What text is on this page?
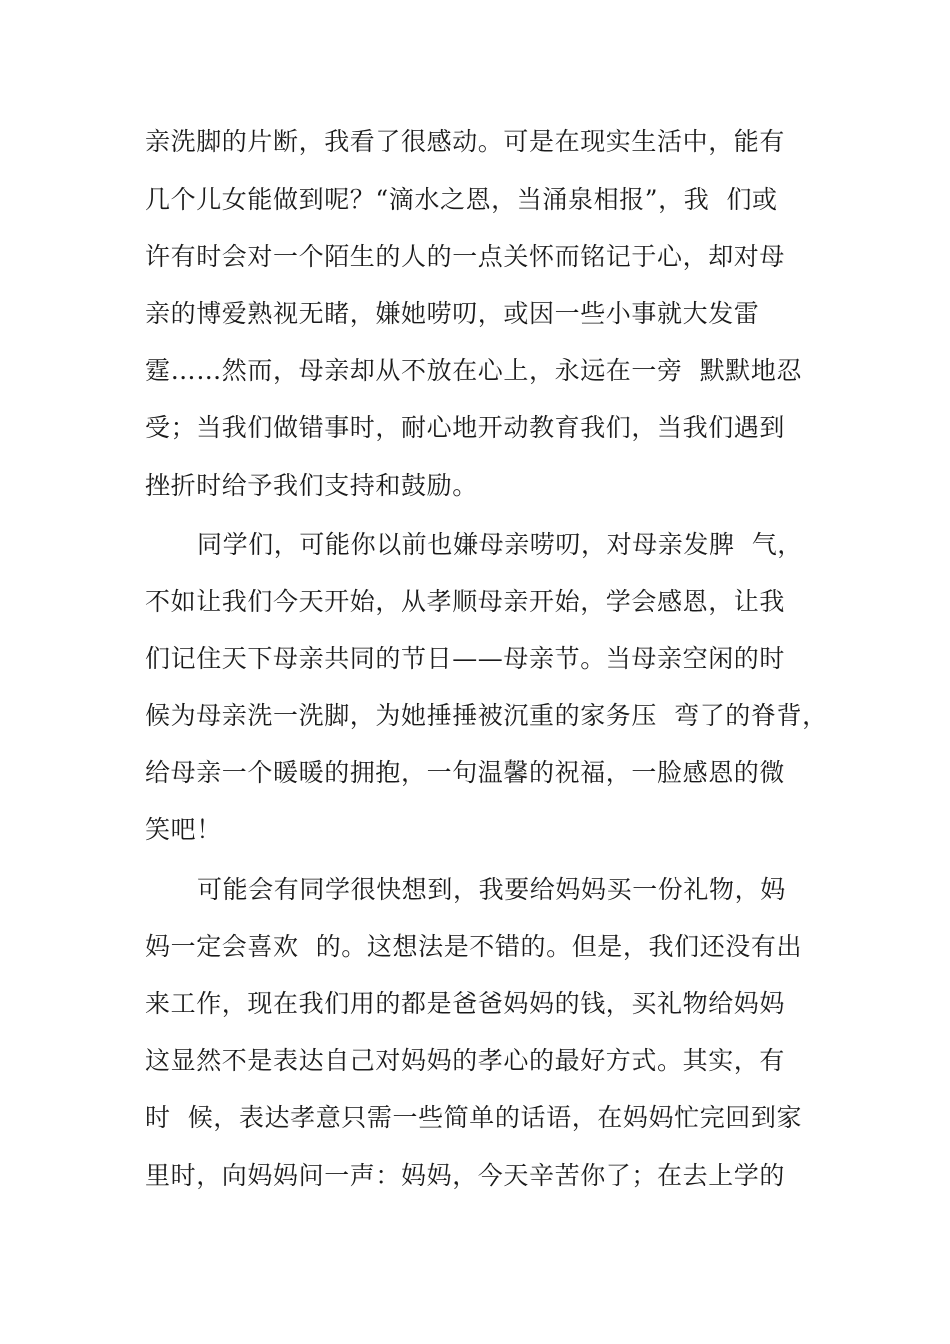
亲洗脚的片断，我看了很感动。可是在现实生活中，能有
几个儿女能做到呢？“滴水之恩，当涌泉相报”，我  们或
许有时会对一个陌生的人的一点关怀而铭记于心，却对母
亲的博爱熟视无睹，嫌她唠叨，或因一些小事就大发雷
霆……然而，母亲却从不放在心上，永远在一旁  默默地忍
受；当我们做错事时，耐心地开动教育我们，当我们遇到
挫折时给予我们支持和鼓励。
同学们，可能你以前也嫌母亲唠叨，对母亲发脾  气，
不如让我们今天开始，从孝顺母亲开始，学会感恩，让我
们记住天下母亲共同的节日——母亲节。当母亲空闲的时
候为母亲洗一洗脚，为她捶捶被沉重的家务压  弯了的脊背，
给母亲一个暖暖的拥抱，一句温馨的祝福，一脸感恩的微
笑吧！
可能会有同学很快想到，我要给妈妈买一份礼物，妈
妈一定会喜欢  的。这想法是不错的。但是，我们还没有出
来工作，现在我们用的都是爸爸妈妈的钱，买礼物给妈妈
这显然不是表达自己对妈妈的孝心的最好方式。其实，有
时  候，表达孝意只需一些简单的话语，在妈妈忙完回到家
里时，向妈妈问一声：妈妈，今天辛苦你了；在去上学的
